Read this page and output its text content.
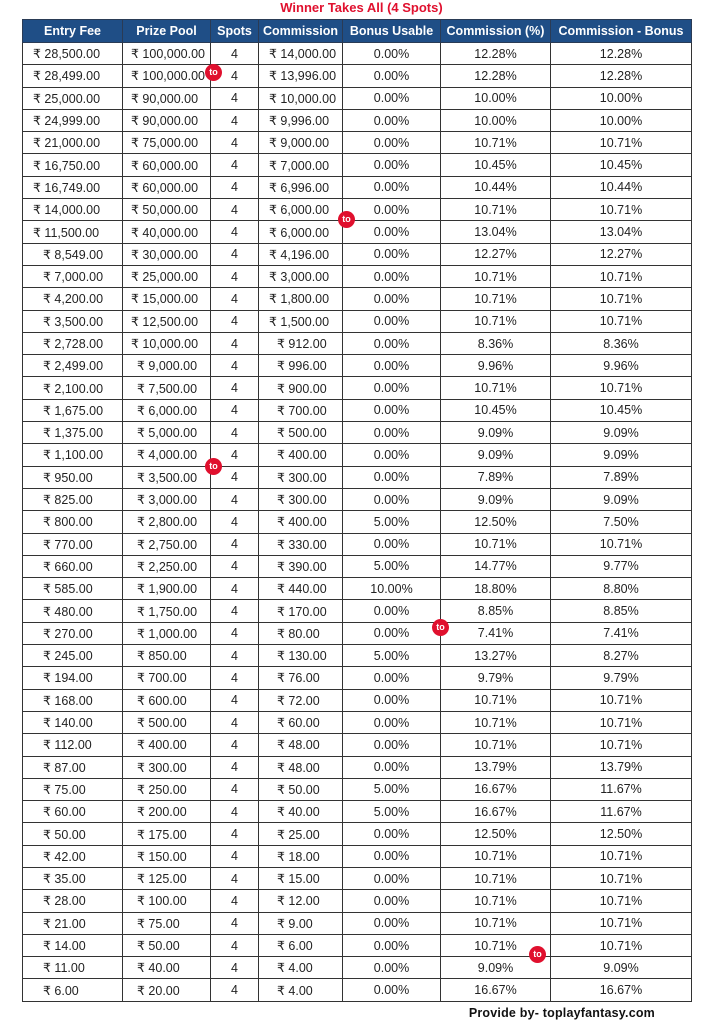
Winner Takes All (4 Spots)
Entry Fee	Prize Pool	Spots	Commission	Bonus Usable	Commission (%)	Commission - Bonus
₹ 28,500.00	₹ 100,000.00	4	₹ 14,000.00	0.00%	12.28%	12.28%
₹ 28,499.00	₹ 100,000.00	4	₹ 13,996.00	0.00%	12.28%	12.28%
₹ 25,000.00	₹ 90,000.00	4	₹ 10,000.00	0.00%	10.00%	10.00%
₹ 24,999.00	₹ 90,000.00	4	₹ 9,996.00	0.00%	10.00%	10.00%
₹ 21,000.00	₹ 75,000.00	4	₹ 9,000.00	0.00%	10.71%	10.71%
₹ 16,750.00	₹ 60,000.00	4	₹ 7,000.00	0.00%	10.45%	10.45%
₹ 16,749.00	₹ 60,000.00	4	₹ 6,996.00	0.00%	10.44%	10.44%
₹ 14,000.00	₹ 50,000.00	4	₹ 6,000.00	0.00%	10.71%	10.71%
₹ 11,500.00	₹ 40,000.00	4	₹ 6,000.00	0.00%	13.04%	13.04%
₹ 8,549.00	₹ 30,000.00	4	₹ 4,196.00	0.00%	12.27%	12.27%
₹ 7,000.00	₹ 25,000.00	4	₹ 3,000.00	0.00%	10.71%	10.71%
₹ 4,200.00	₹ 15,000.00	4	₹ 1,800.00	0.00%	10.71%	10.71%
₹ 3,500.00	₹ 12,500.00	4	₹ 1,500.00	0.00%	10.71%	10.71%
₹ 2,728.00	₹ 10,000.00	4	₹ 912.00	0.00%	8.36%	8.36%
₹ 2,499.00	₹ 9,000.00	4	₹ 996.00	0.00%	9.96%	9.96%
₹ 2,100.00	₹ 7,500.00	4	₹ 900.00	0.00%	10.71%	10.71%
₹ 1,675.00	₹ 6,000.00	4	₹ 700.00	0.00%	10.45%	10.45%
₹ 1,375.00	₹ 5,000.00	4	₹ 500.00	0.00%	9.09%	9.09%
₹ 1,100.00	₹ 4,000.00	4	₹ 400.00	0.00%	9.09%	9.09%
₹ 950.00	₹ 3,500.00	4	₹ 300.00	0.00%	7.89%	7.89%
₹ 825.00	₹ 3,000.00	4	₹ 300.00	0.00%	9.09%	9.09%
₹ 800.00	₹ 2,800.00	4	₹ 400.00	5.00%	12.50%	7.50%
₹ 770.00	₹ 2,750.00	4	₹ 330.00	0.00%	10.71%	10.71%
₹ 660.00	₹ 2,250.00	4	₹ 390.00	5.00%	14.77%	9.77%
₹ 585.00	₹ 1,900.00	4	₹ 440.00	10.00%	18.80%	8.80%
₹ 480.00	₹ 1,750.00	4	₹ 170.00	0.00%	8.85%	8.85%
₹ 270.00	₹ 1,000.00	4	₹ 80.00	0.00%	7.41%	7.41%
₹ 245.00	₹ 850.00	4	₹ 130.00	5.00%	13.27%	8.27%
₹ 194.00	₹ 700.00	4	₹ 76.00	0.00%	9.79%	9.79%
₹ 168.00	₹ 600.00	4	₹ 72.00	0.00%	10.71%	10.71%
₹ 140.00	₹ 500.00	4	₹ 60.00	0.00%	10.71%	10.71%
₹ 112.00	₹ 400.00	4	₹ 48.00	0.00%	10.71%	10.71%
₹ 87.00	₹ 300.00	4	₹ 48.00	0.00%	13.79%	13.79%
₹ 75.00	₹ 250.00	4	₹ 50.00	5.00%	16.67%	11.67%
₹ 60.00	₹ 200.00	4	₹ 40.00	5.00%	16.67%	11.67%
₹ 50.00	₹ 175.00	4	₹ 25.00	0.00%	12.50%	12.50%
₹ 42.00	₹ 150.00	4	₹ 18.00	0.00%	10.71%	10.71%
₹ 35.00	₹ 125.00	4	₹ 15.00	0.00%	10.71%	10.71%
₹ 28.00	₹ 100.00	4	₹ 12.00	0.00%	10.71%	10.71%
₹ 21.00	₹ 75.00	4	₹ 9.00	0.00%	10.71%	10.71%
₹ 14.00	₹ 50.00	4	₹ 6.00	0.00%	10.71%	10.71%
₹ 11.00	₹ 40.00	4	₹ 4.00	0.00%	9.09%	9.09%
₹ 6.00	₹ 20.00	4	₹ 4.00	0.00%	16.67%	16.67%
Provide by- toplayfantasy.com
to
to
to
to
to
